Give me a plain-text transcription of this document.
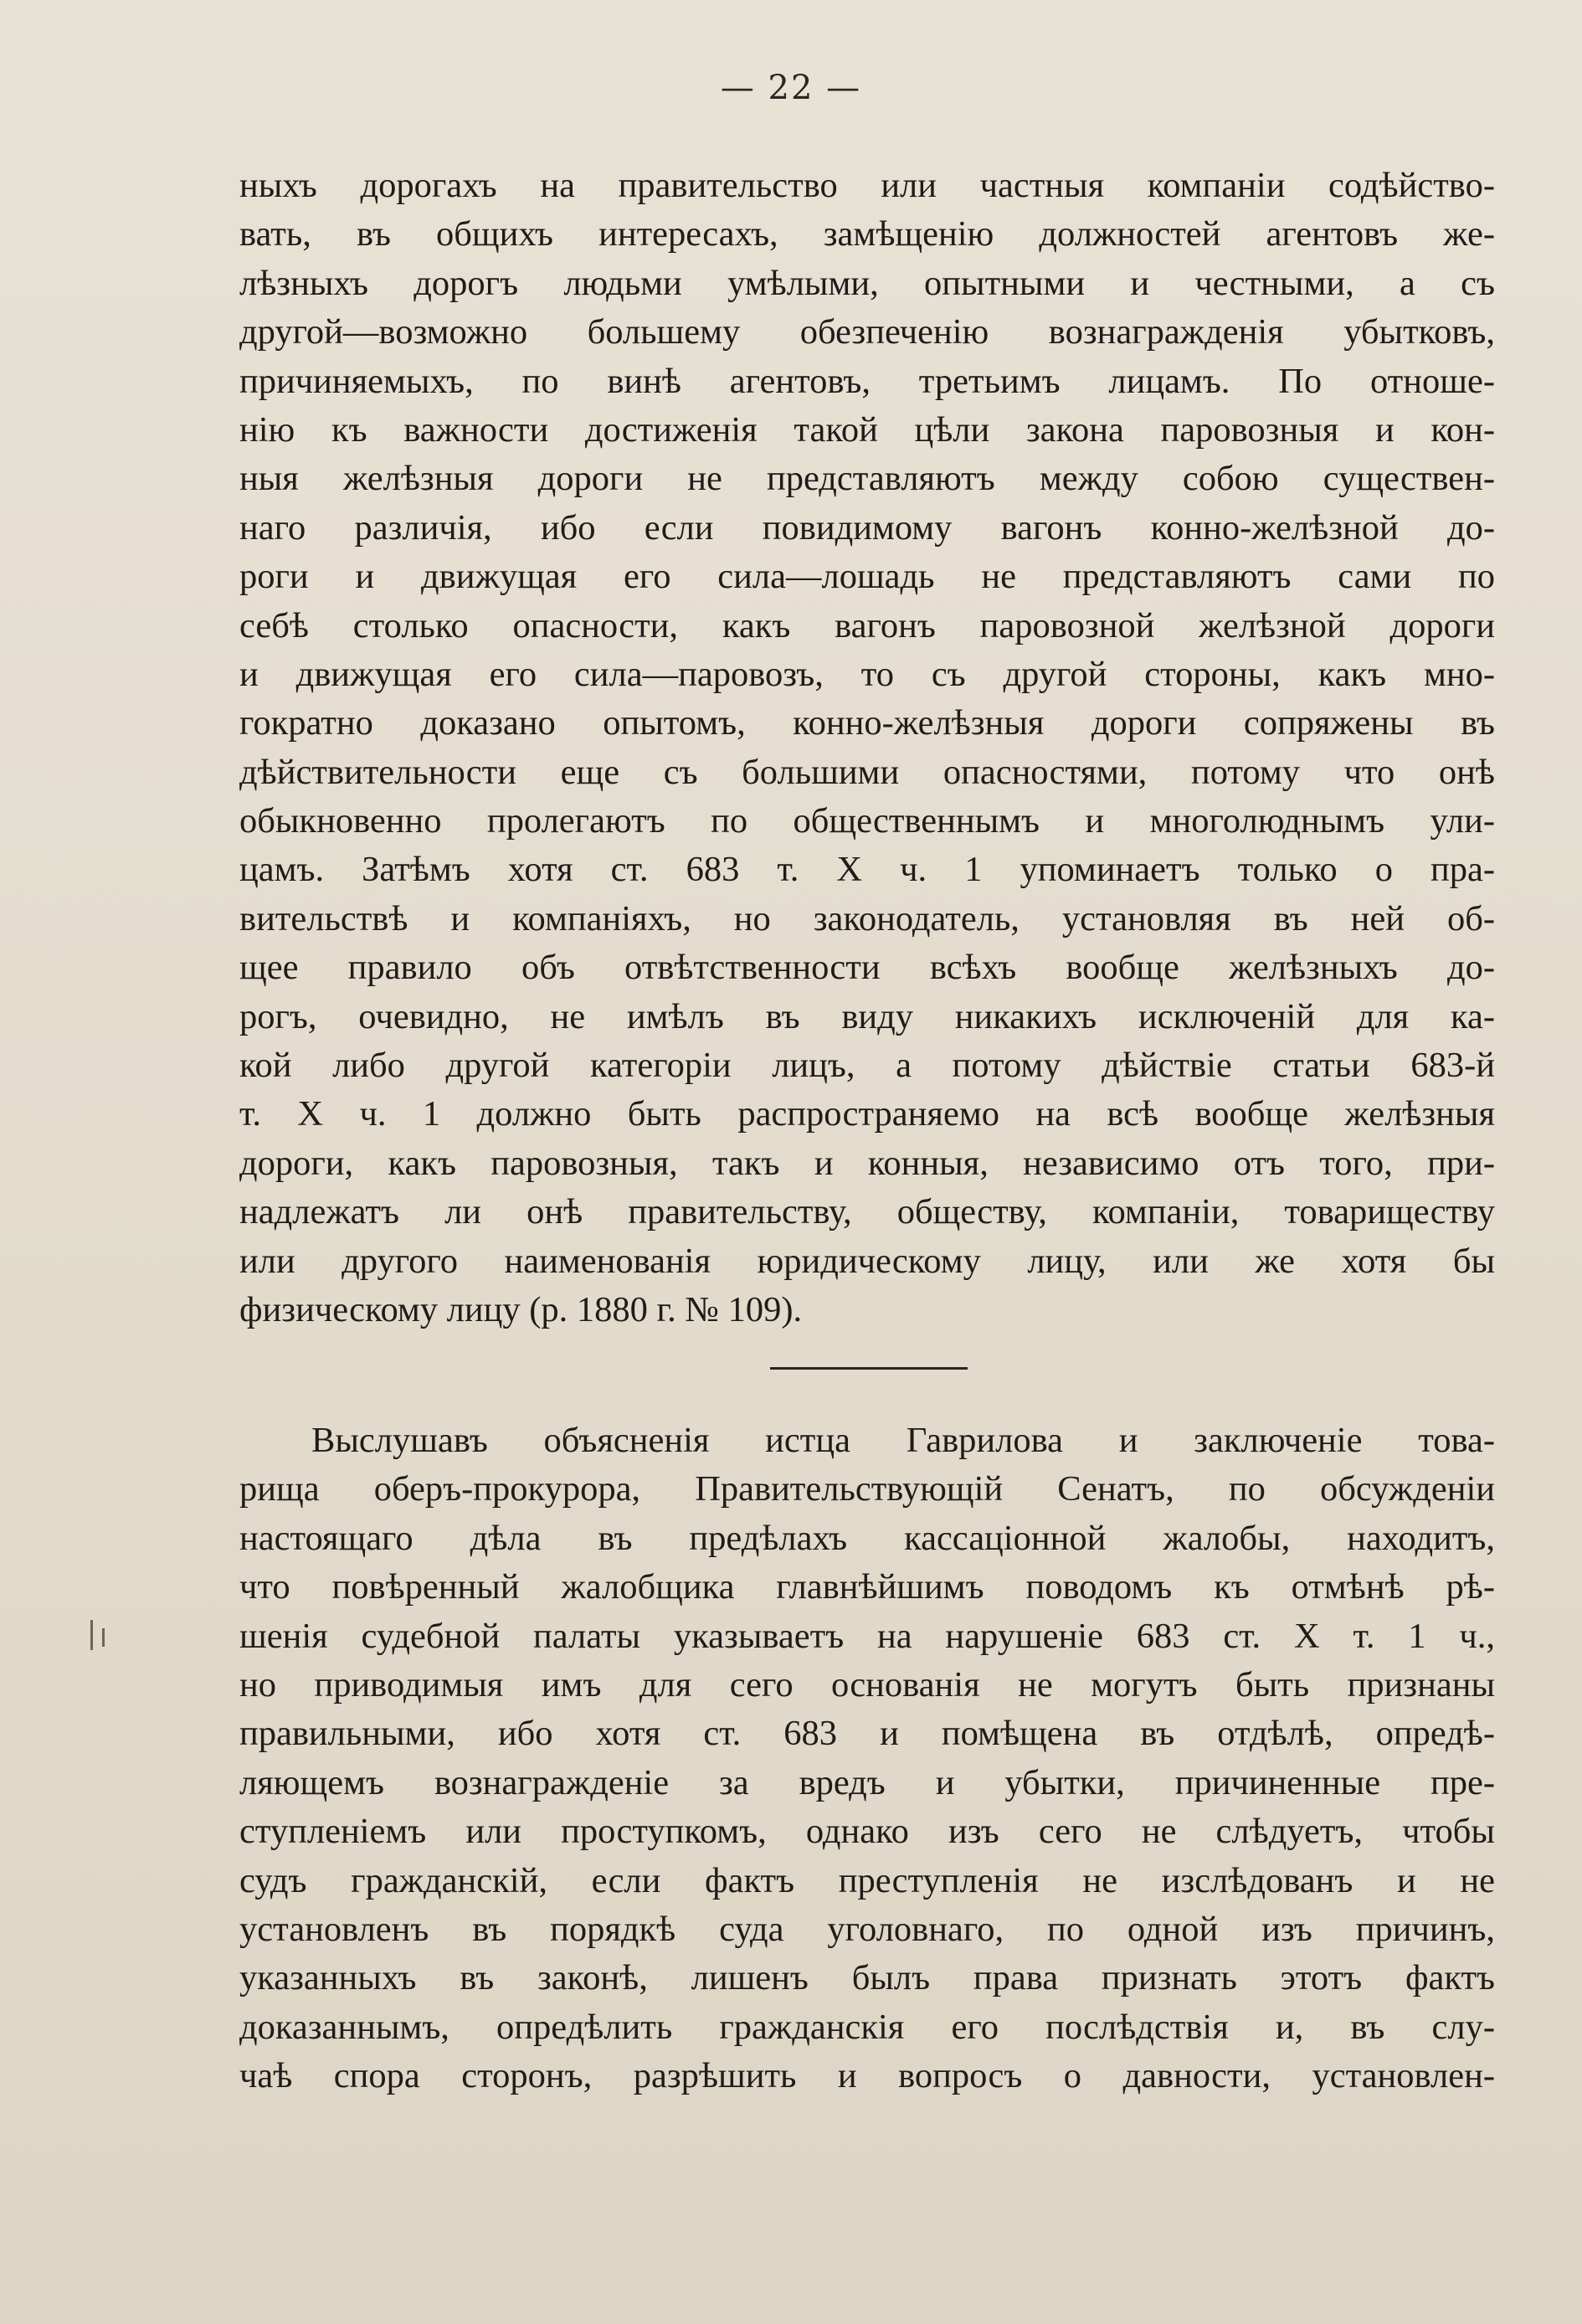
— 22 —
ныхъ дорогахъ на правительство или частныя компаніи содѣйство-
вать, въ общихъ интересахъ, замѣщенію должностей агентовъ же-
лѣзныхъ дорогъ людьми умѣлыми, опытными и честными, а съ
другой—возможно большему обезпеченію вознагражденія убытковъ,
причиняемыхъ, по винѣ агентовъ, третьимъ лицамъ. По отноше-
нію къ важности достиженія такой цѣли закона паровозныя и кон-
ныя желѣзныя дороги не представляютъ между собою существен-
наго различія, ибо если повидимому вагонъ конно-желѣзной до-
роги и движущая его сила—лошадь не представляютъ сами по
себѣ столько опасности, какъ вагонъ паровозной желѣзной дороги
и движущая его сила—паровозъ, то съ другой стороны, какъ мно-
гократно доказано опытомъ, конно-желѣзныя дороги сопряжены въ
дѣйствительности еще съ большими опасностями, потому что онѣ
обыкновенно пролегаютъ по общественнымъ и многолюднымъ ули-
цамъ. Затѣмъ хотя ст. 683 т. X ч. 1 упоминаетъ только о пра-
вительствѣ и компаніяхъ, но законодатель, установляя въ ней об-
щее правило объ отвѣтственности всѣхъ вообще желѣзныхъ до-
рогъ, очевидно, не имѣлъ въ виду никакихъ исключеній для ка-
кой либо другой категоріи лицъ, а потому дѣйствіе статьи 683-й
т. X ч. 1 должно быть распространяемо на всѣ вообще желѣзныя
дороги, какъ паровозныя, такъ и конныя, независимо отъ того, при-
надлежатъ ли онѣ правительству, обществу, компаніи, товариществу
или другого наименованія юридическому лицу, или же хотя бы
физическому лицу (р. 1880 г. № 109).
Выслушавъ объясненія истца Гаврилова и заключеніе това-
рища оберъ-прокурора, Правительствующій Сенатъ, по обсужденіи
настоящаго дѣла въ предѣлахъ кассаціонной жалобы, находитъ,
что повѣренный жалобщика главнѣйшимъ поводомъ къ отмѣнѣ рѣ-
шенія судебной палаты указываетъ на нарушеніе 683 ст. X т. 1 ч.,
но приводимыя имъ для сего основанія не могутъ быть признаны
правильными, ибо хотя ст. 683 и помѣщена въ отдѣлѣ, опредѣ-
ляющемъ вознагражденіе за вредъ и убытки, причиненные пре-
ступленіемъ или проступкомъ, однако изъ сего не слѣдуетъ, чтобы
судъ гражданскій, если фактъ преступленія не изслѣдованъ и не
установленъ въ порядкѣ суда уголовнаго, по одной изъ причинъ,
указанныхъ въ законѣ, лишенъ былъ права признать этотъ фактъ
доказаннымъ, опредѣлить гражданскія его послѣдствія и, въ слу-
чаѣ спора сторонъ, разрѣшить и вопросъ о давности, установлен-
